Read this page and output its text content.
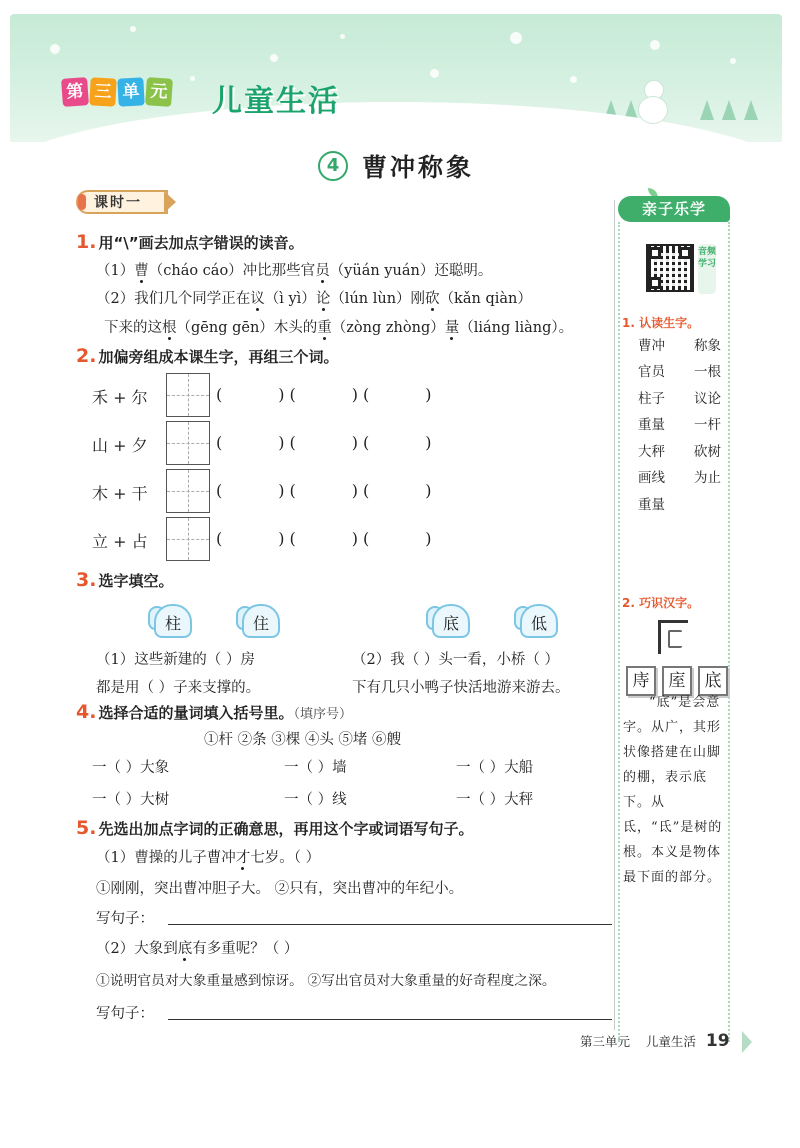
第 三 单 元 儿童生活
4 曹冲称象
课时一
1. 用“\”画去加点字错误的读音。
（1）曹（cháo cáo）冲比那些官员（yüán yuán）还聪明。
（2）我们几个同学正在议（ì yì）论（lún lùn）刚砍（kǎn qiàn）
下来的这根（gēng gēn）木头的重（zòng zhòng）量（liáng liàng）。
2. 加偏旁组成本课生字，再组三个词。
禾 + 尔	(           ) (           ) (           )
山 + 夕	(           ) (           ) (           )
木 + 干	(           ) (           ) (           )
立 + 占	(           ) (           ) (           )
3. 选字填空。
柱	住	底	低
（1）这些新建的（ ）房
都是用（ ）子来支撑的。
（2）我（ ）头一看，小桥（ ）
下有几只小鸭子快活地游来游去。
4. 选择合适的量词填入括号里。（填序号）
①杆 ②条 ③棵 ④头 ⑤堵 ⑥艘
一（ ）大象	一（ ）墙	一（ ）大船
一（ ）大树	一（ ）线	一（ ）大秤
5. 先选出加点字词的正确意思，再用这个字或词语写句子。
（1）曹操的儿子曹冲才七岁。（ ）
①刚刚，突出曹冲胆子大。 ②只有，突出曹冲的年纪小。
写句子：
（2）大象到底有多重呢？（ ）
①说明官员对大象重量感到惊讶。 ②写出官员对大象重量的好奇程度之深。
写句子：
亲子乐学
音频学习
1. 认读生字。
曹冲 称象
官员 一根
柱子 议论
重量 一杆
大秤 砍树
画线 为止
重量
2. 巧识汉字。
庤	庢	底
“底”是会意字。从广，其形状像搭建在山脚的棚，表示底下。从氐，“氐”是树的根。本义是物体最下面的部分。
第三单元 儿童生活 19
